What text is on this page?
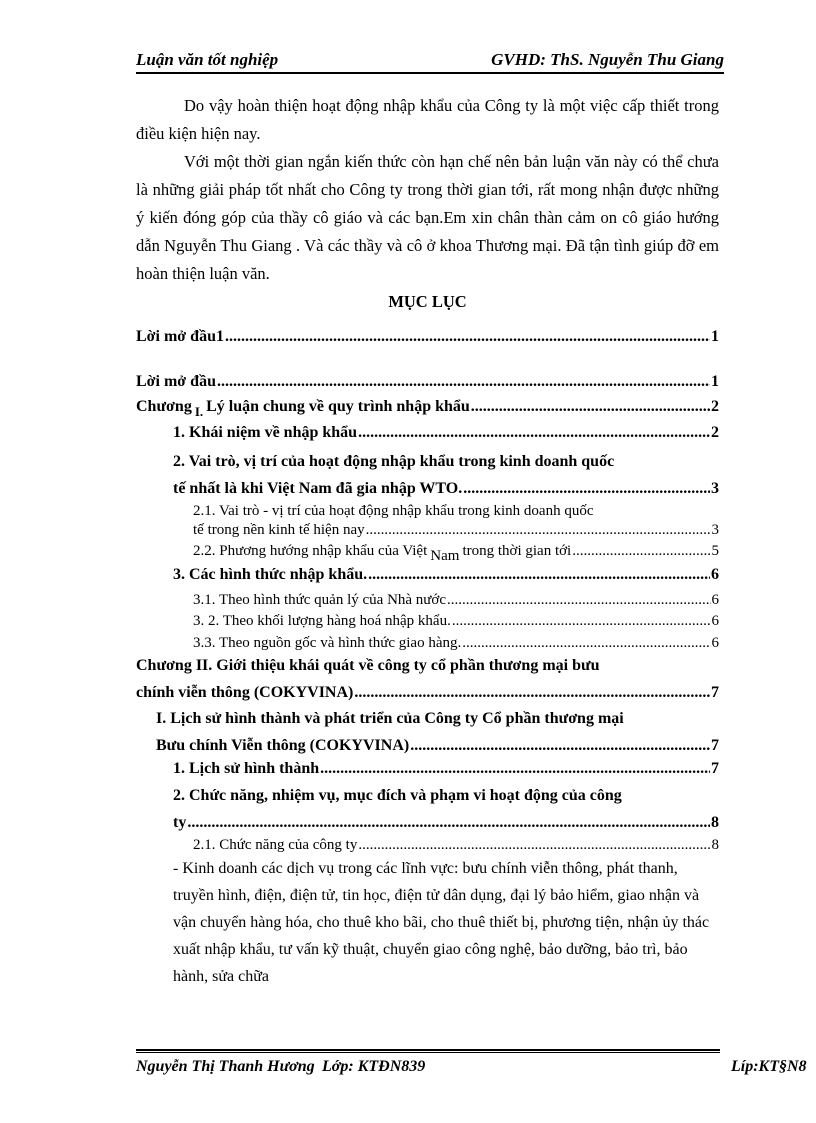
Luận văn tốt nghiệp	GVHD: ThS. Nguyễn Thu Giang
Do vậy hoàn thiện hoạt động nhập khẩu của Công ty là một việc cấp thiết trong điều kiện hiện nay.
Với một thời gian ngắn kiến thức còn hạn chế nên bản luận văn này có thể chưa là những giải pháp tốt nhất cho Công ty trong thời gian tới, rất mong nhận được những ý kiến đóng góp của thầy cô giáo và các bạn.Em xin chân thàn cảm on cô giáo hướng dẫn Nguyễn Thu Giang . Và các thầy và cô ở khoa Thương mại. Đã tận tình giúp đỡ em hoàn thiện luận văn.
MỤC LỤC
Lời mở đầu1 .....	1
Lời mở đầu .....	1
Chương I. Lý luận chung về quy trình nhập khẩu .....	2
1. Khái niệm về nhập khẩu .....	2
2. Vai trò, vị trí của hoạt động nhập khẩu trong kinh doanh quốc
tế nhất là khi Việt Nam đã gia nhập WTO. .....	3
2.1. Vai trò - vị trí của hoạt động nhập khẩu trong kinh doanh quốc
tế trong nền kinh tế hiện nay .....	3
2.2. Phương hướng nhập khẩu của Việt Nam trong thời gian tới .....	5
3. Các hình thức nhập khẩu. .....	6
3.1. Theo hình thức quản lý của Nhà nước .....	6
3. 2. Theo khối lượng hàng hoá nhập khẩu. .....	6
3.3. Theo nguồn gốc và hình thức giao hàng. .....	6
Chương II. Giới thiệu khái quát về công ty cổ phần thương mại bưu
chính viễn thông (COKYVINA) .....	7
I. Lịch sử hình thành và phát triển của Công ty Cổ phần thương mại
Bưu chính Viễn thông (COKYVINA) .....	7
1. Lịch sử hình thành .....	7
2. Chức năng, nhiệm vụ, mục đích và phạm vi hoạt động của công
ty .....	8
2.1. Chức năng của công ty .....	8
- Kinh doanh các dịch vụ trong các lĩnh vực: bưu chính viễn thông, phát thanh, truyền hình, điện, điện tử, tin học, điện tử dân dụng, đại lý bảo hiểm, giao nhận và vận chuyển hàng hóa, cho thuê kho bãi, cho thuê thiết bị, phương tiện, nhận ủy thác xuất nhập khẩu, tư vấn kỹ thuật, chuyển giao công nghệ, bảo dưỡng, bảo trì, bảo hành, sửa chữa
Nguyễn Thị Thanh Hương Lớp: KTĐN839	Líp:KT§N8
